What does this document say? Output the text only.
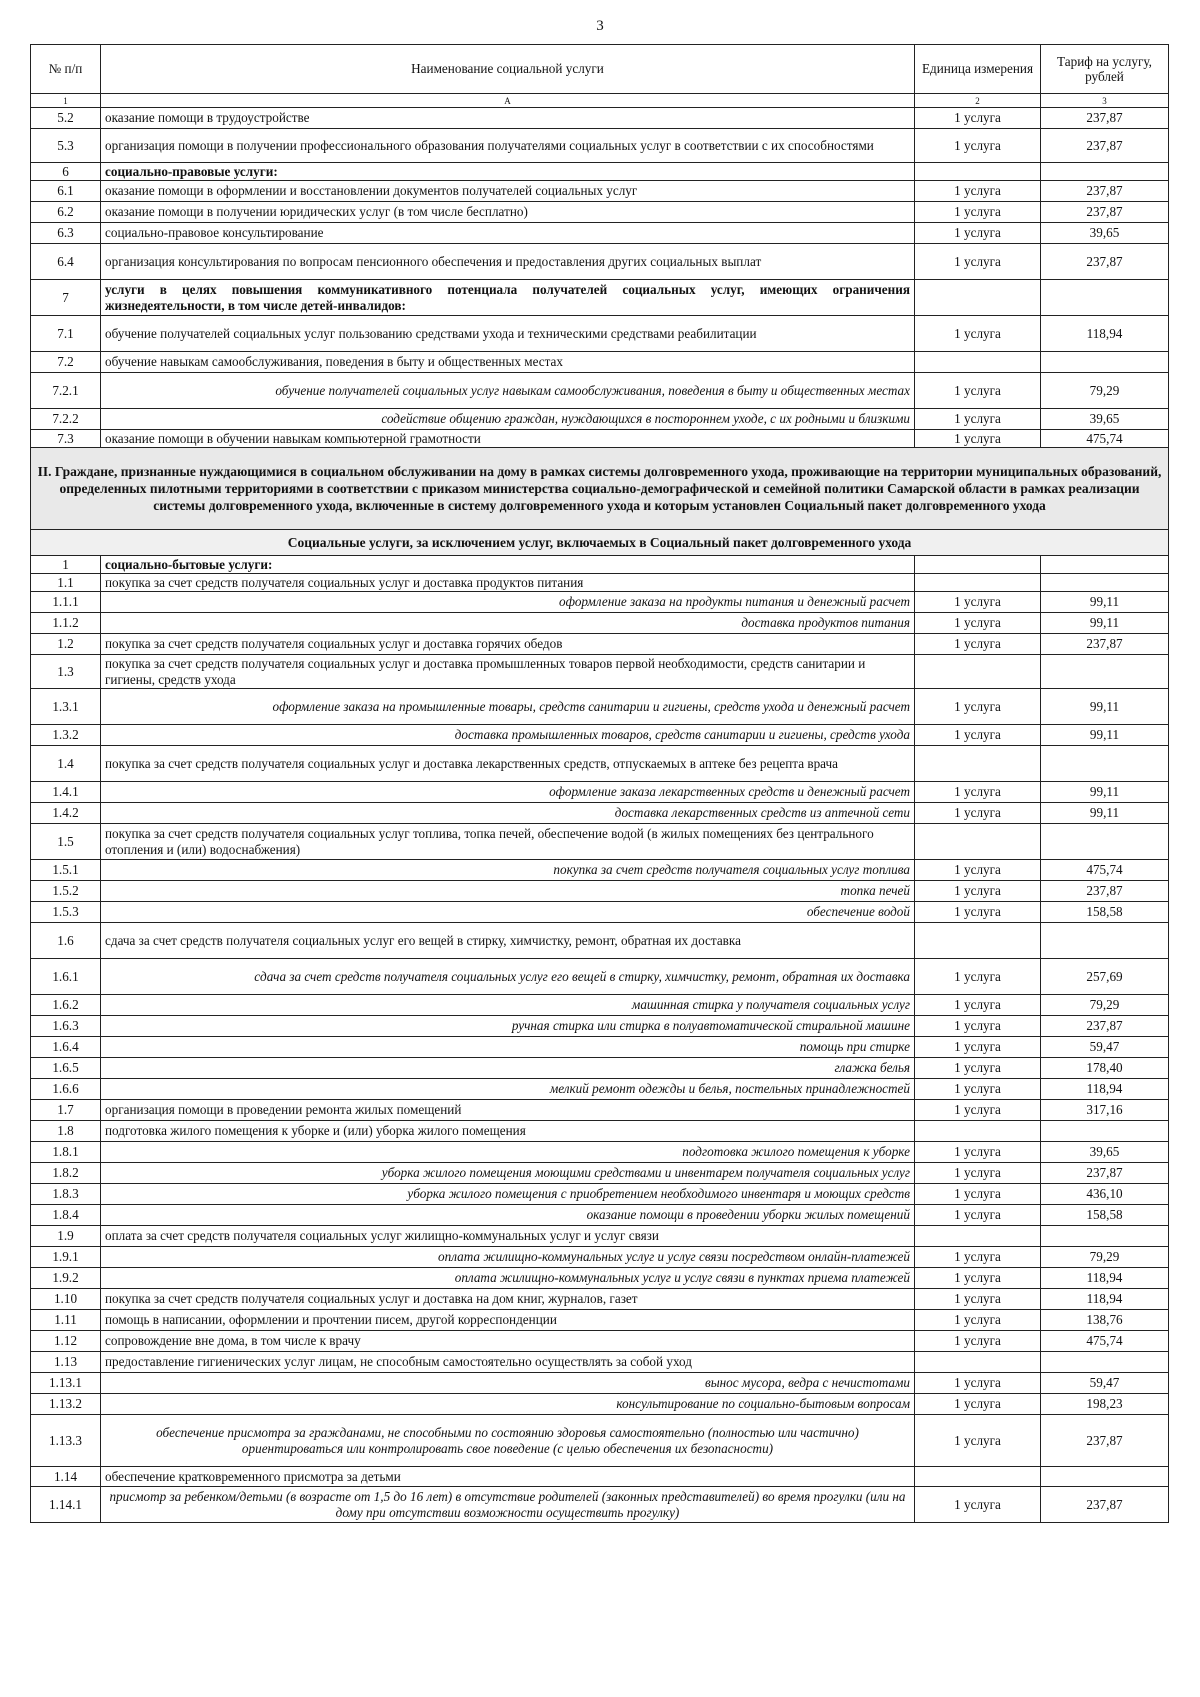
3
№ п/п	Наименование социальной услуги	Единица измерения	Тариф на услугу, рублей
1	А	2	3
5.2	оказание помощи в трудоустройстве	1 услуга	237,87
5.3	организация помощи в получении профессионального образования получателями социальных услуг в соответствии с их способностями	1 услуга	237,87
6	социально-правовые услуги:		
6.1	оказание помощи в оформлении и восстановлении документов получателей социальных услуг	1 услуга	237,87
6.2	оказание помощи в получении юридических услуг (в том числе бесплатно)	1 услуга	237,87
6.3	социально-правовое консультирование	1 услуга	39,65
6.4	организация консультирования по вопросам пенсионного обеспечения и предоставления других социальных выплат	1 услуга	237,87
7	услуги в целях повышения коммуникативного потенциала получателей социальных услуг, имеющих ограничения жизнедеятельности, в том числе детей-инвалидов:		
7.1	обучение получателей социальных услуг пользованию средствами ухода и техническими средствами реабилитации	1 услуга	118,94
7.2	обучение навыкам самообслуживания, поведения в быту и общественных местах		
7.2.1	обучение получателей социальных услуг навыкам самообслуживания, поведения в быту и общественных местах	1 услуга	79,29
7.2.2	содействие общению граждан, нуждающихся в постороннем уходе, с их родными и близкими	1 услуга	39,65
7.3	оказание помощи в обучении навыкам компьютерной грамотности	1 услуга	475,74
II. Граждане, признанные нуждающимися в социальном обслуживании на дому в рамках системы долговременного ухода, проживающие на территории муниципальных образований, определенных пилотными территориями в соответствии с приказом министерства социально-демографической и семейной политики Самарской области в рамках реализации системы долговременного ухода, включенные в систему долговременного ухода и которым установлен Социальный пакет долговременного ухода			
Социальные услуги, за исключением услуг, включаемых в Социальный пакет долговременного ухода			
1	социально-бытовые услуги:		
1.1	покупка за счет средств получателя социальных услуг и доставка продуктов питания		
1.1.1	оформление заказа на продукты питания и денежный расчет	1 услуга	99,11
1.1.2	доставка продуктов питания	1 услуга	99,11
1.2	покупка за счет средств получателя социальных услуг и доставка горячих обедов	1 услуга	237,87
1.3	покупка за счет средств получателя социальных услуг и доставка промышленных товаров первой необходимости, средств санитарии и гигиены, средств ухода		
1.3.1	оформление заказа на промышленные товары, средств санитарии и гигиены, средств ухода и денежный расчет	1 услуга	99,11
1.3.2	доставка промышленных товаров, средств санитарии и гигиены, средств ухода	1 услуга	99,11
1.4	покупка за счет средств получателя социальных услуг и доставка лекарственных средств, отпускаемых в аптеке без рецепта врача		
1.4.1	оформление заказа лекарственных средств и денежный расчет	1 услуга	99,11
1.4.2	доставка лекарственных средств из аптечной сети	1 услуга	99,11
1.5	покупка за счет средств получателя социальных услуг топлива, топка печей, обеспечение водой (в жилых помещениях без центрального отопления и (или) водоснабжения)		
1.5.1	покупка за счет средств получателя социальных услуг топлива	1 услуга	475,74
1.5.2	топка печей	1 услуга	237,87
1.5.3	обеспечение водой	1 услуга	158,58
1.6	сдача за счет средств получателя социальных услуг его вещей в стирку, химчистку, ремонт, обратная их доставка		
1.6.1	сдача за счет средств получателя социальных услуг его вещей в стирку, химчистку, ремонт, обратная их доставка	1 услуга	257,69
1.6.2	машинная стирка у получателя социальных услуг	1 услуга	79,29
1.6.3	ручная стирка или стирка в полуавтоматической стиральной машине	1 услуга	237,87
1.6.4	помощь при стирке	1 услуга	59,47
1.6.5	глажка белья	1 услуга	178,40
1.6.6	мелкий ремонт одежды и белья, постельных принадлежностей	1 услуга	118,94
1.7	организация помощи в проведении ремонта жилых помещений	1 услуга	317,16
1.8	подготовка жилого помещения к уборке и (или) уборка жилого помещения		
1.8.1	подготовка жилого помещения к уборке	1 услуга	39,65
1.8.2	уборка жилого помещения моющими средствами и инвентарем получателя социальных услуг	1 услуга	237,87
1.8.3	уборка жилого помещения с приобретением необходимого инвентаря и моющих средств	1 услуга	436,10
1.8.4	оказание помощи в проведении уборки жилых помещений	1 услуга	158,58
1.9	оплата за счет средств получателя социальных услуг жилищно-коммунальных услуг и услуг связи		
1.9.1	оплата жилищно-коммунальных услуг и услуг связи посредством онлайн-платежей	1 услуга	79,29
1.9.2	оплата жилищно-коммунальных услуг и услуг связи в пунктах приема платежей	1 услуга	118,94
1.10	покупка за счет средств получателя социальных услуг и доставка на дом книг, журналов, газет	1 услуга	118,94
1.11	помощь в написании, оформлении и прочтении писем, другой корреспонденции	1 услуга	138,76
1.12	сопровождение вне дома, в том числе к врачу	1 услуга	475,74
1.13	предоставление гигиенических услуг лицам, не способным самостоятельно осуществлять за собой уход		
1.13.1	вынос мусора, ведра с нечистотами	1 услуга	59,47
1.13.2	консультирование по социально-бытовым вопросам	1 услуга	198,23
1.13.3	обеспечение присмотра за гражданами, не способными по состоянию здоровья самостоятельно (полностью или частично) ориентироваться или контролировать свое поведение (с целью обеспечения их безопасности)	1 услуга	237,87
1.14	обеспечение кратковременного присмотра за детьми		
1.14.1	присмотр за ребенком/детьми (в возрасте от 1,5 до 16 лет) в отсутствие родителей (законных представителей) во время прогулки (или на дому при отсутствии возможности осуществить прогулку)	1 услуга	237,87
